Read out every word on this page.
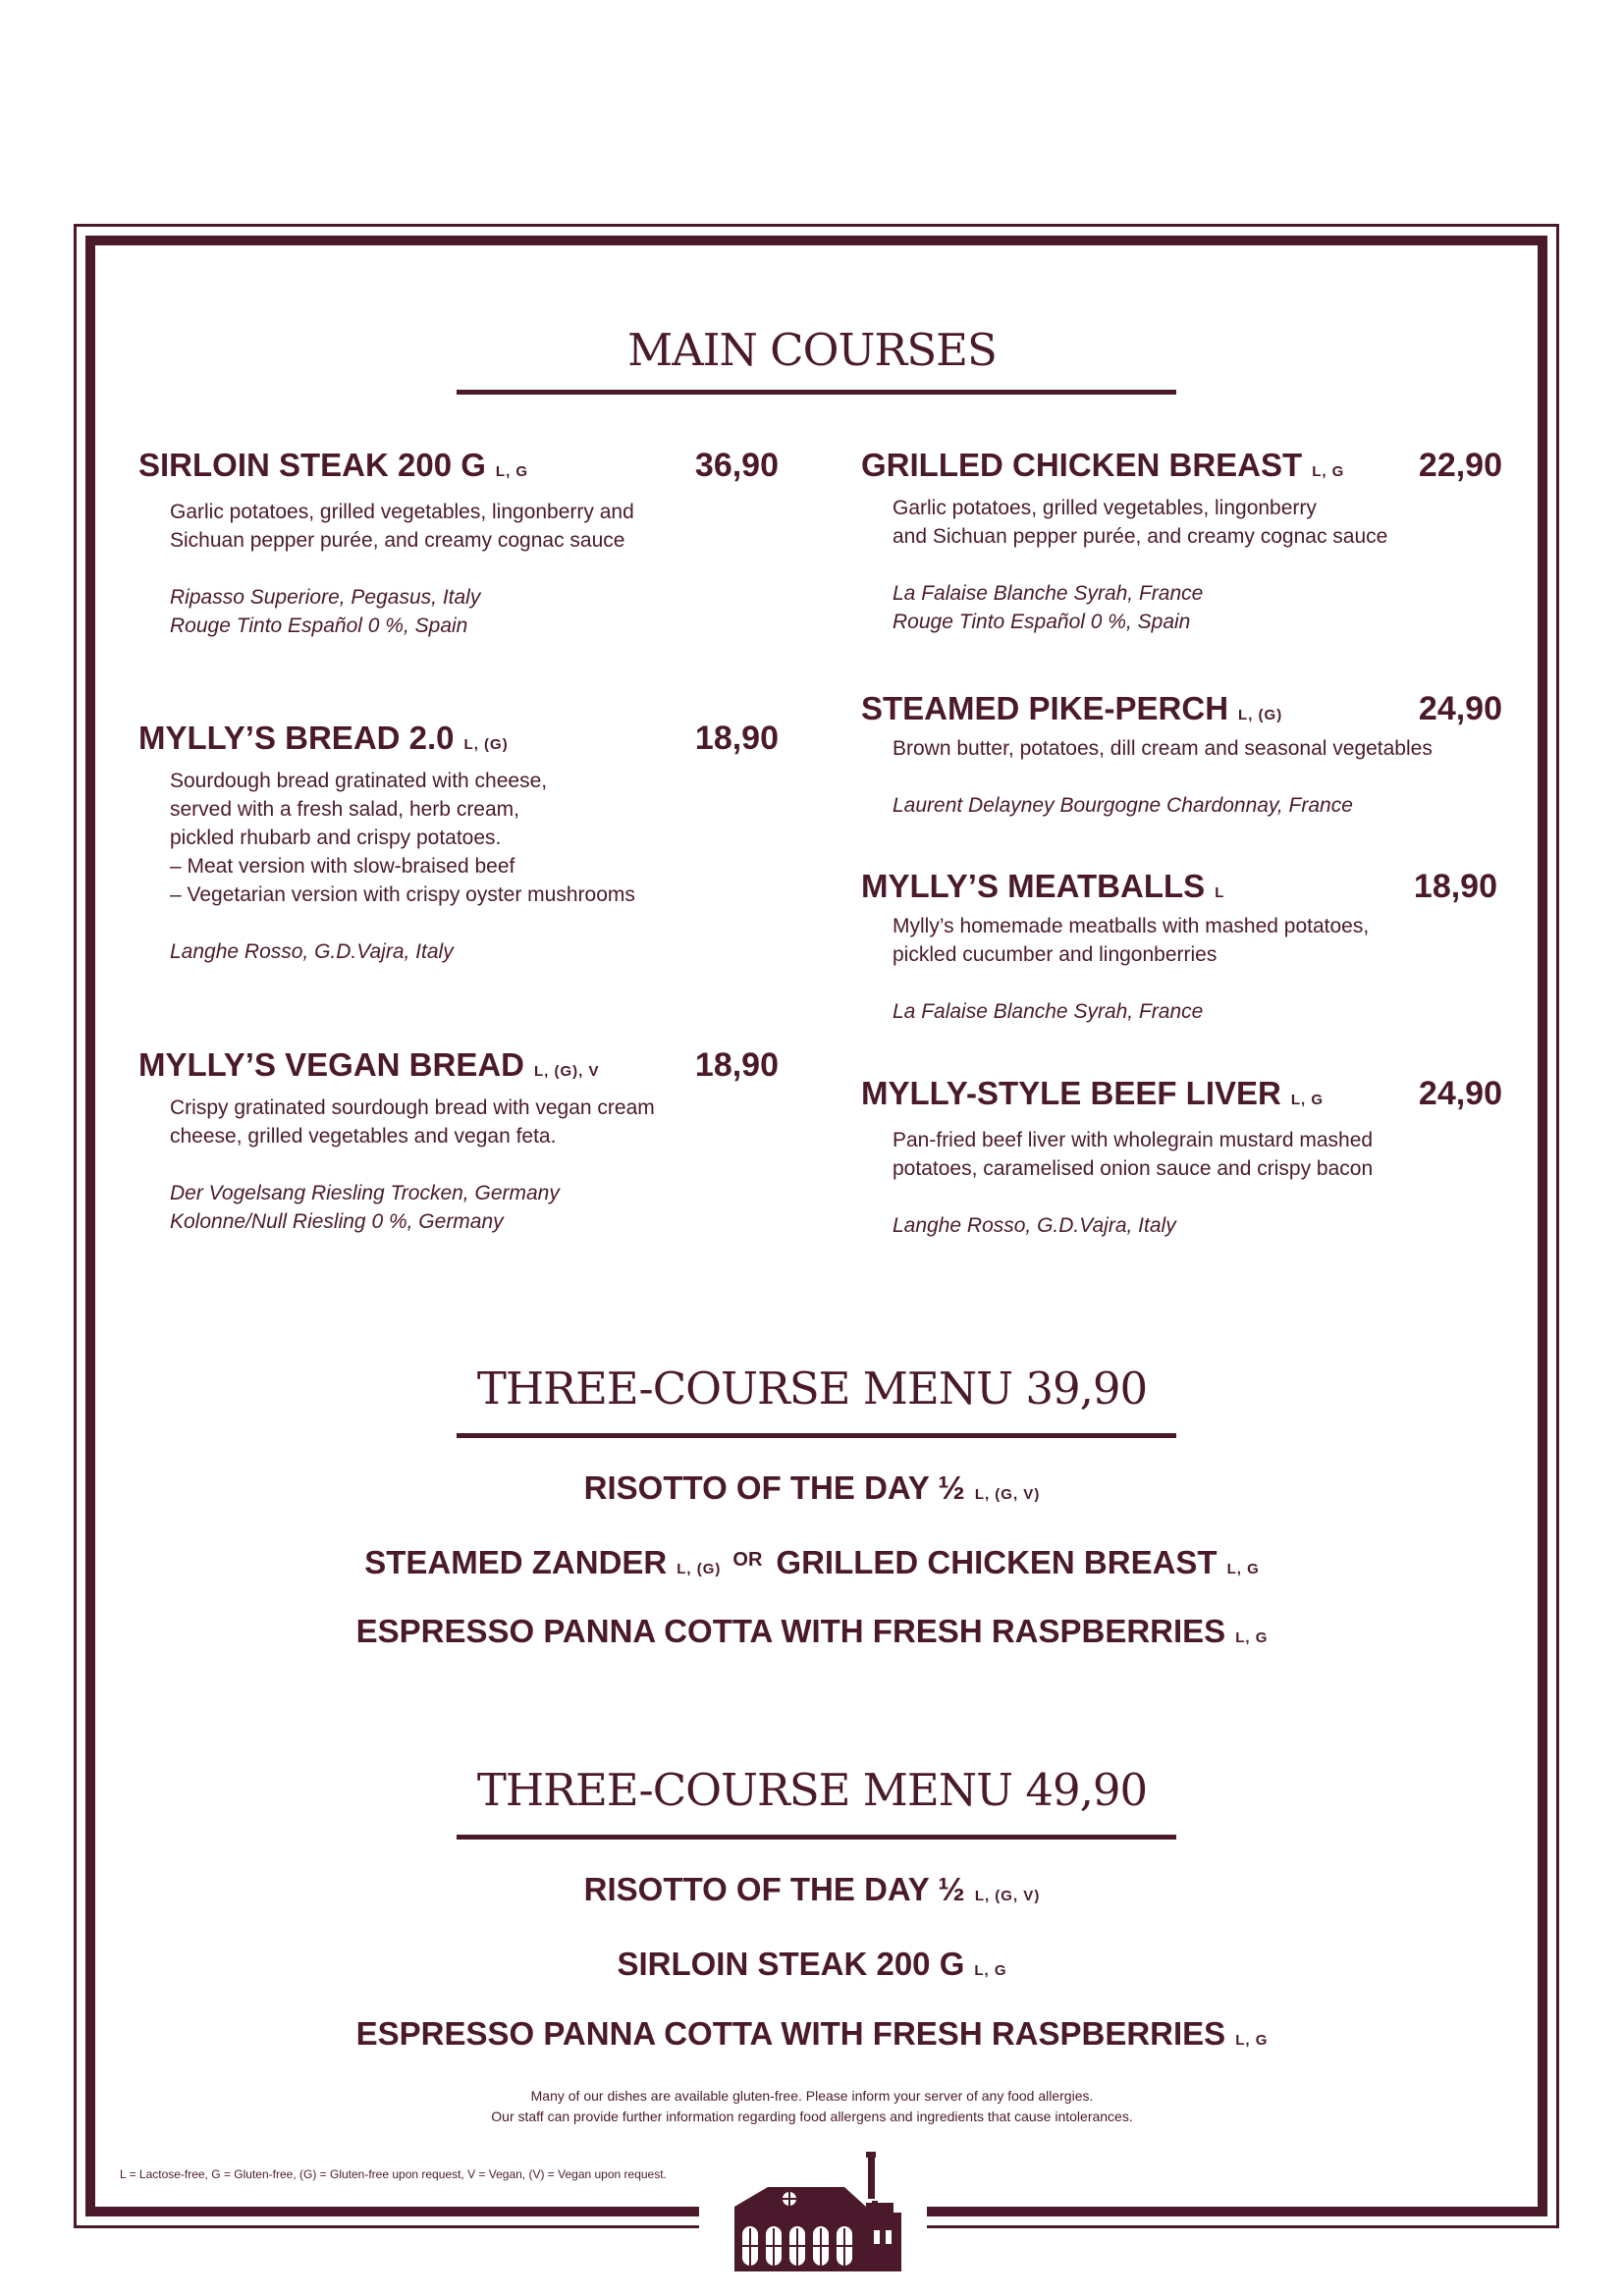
MAIN COURSES
SIRLOIN STEAK 200 G L, G	36,90
Garlic potatoes, grilled vegetables, lingonberry and
Sichuan pepper purée, and creamy cognac sauce
Ripasso Superiore, Pegasus, Italy
Rouge Tinto Español 0 %, Spain
MYLLY’S BREAD 2.0 L, (G)	18,90
Sourdough bread gratinated with cheese,
served with a fresh salad, herb cream,
pickled rhubarb and crispy potatoes.
– Meat version with slow-braised beef
– Vegetarian version with crispy oyster mushrooms
Langhe Rosso, G.D.Vajra, Italy
MYLLY’S VEGAN BREAD L, (G), V	18,90
Crispy gratinated sourdough bread with vegan cream
cheese, grilled vegetables and vegan feta.
Der Vogelsang Riesling Trocken, Germany
Kolonne/Null Riesling 0 %, Germany
GRILLED CHICKEN BREAST L, G 22,90
Garlic potatoes, grilled vegetables, lingonberry
and Sichuan pepper purée, and creamy cognac sauce
La Falaise Blanche Syrah, France
Rouge Tinto Español 0 %, Spain
STEAMED PIKE-PERCH L, (G)	24,90
Brown butter, potatoes, dill cream and seasonal vegetables
Laurent Delayney Bourgogne Chardonnay, France
MYLLY’S MEATBALLS L	18,90
Mylly’s homemade meatballs with mashed potatoes,
pickled cucumber and lingonberries
La Falaise Blanche Syrah, France
MYLLY-STYLE BEEF LIVER L, G	24,90
Pan-fried beef liver with wholegrain mustard mashed
potatoes, caramelised onion sauce and crispy bacon
Langhe Rosso, G.D.Vajra, Italy
THREE-COURSE MENU 39,90
RISOTTO OF THE DAY ½ L, (G, V)
STEAMED ZANDER L, (G) $^{OR}$ GRILLED CHICKEN BREAST L, G
ESPRESSO PANNA COTTA WITH FRESH RASPBERRIES L, G
THREE-COURSE MENU 49,90
RISOTTO OF THE DAY ½ L, (G, V)
SIRLOIN STEAK 200 G L, G
ESPRESSO PANNA COTTA WITH FRESH RASPBERRIES L, G
Many of our dishes are available gluten-free. Please inform your server of any food allergies.
Our staff can provide further information regarding food allergens and ingredients that cause intolerances.
L = Lactose-free, G = Gluten-free, (G) = Gluten-free upon request, V = Vegan, (V) = Vegan upon request.
